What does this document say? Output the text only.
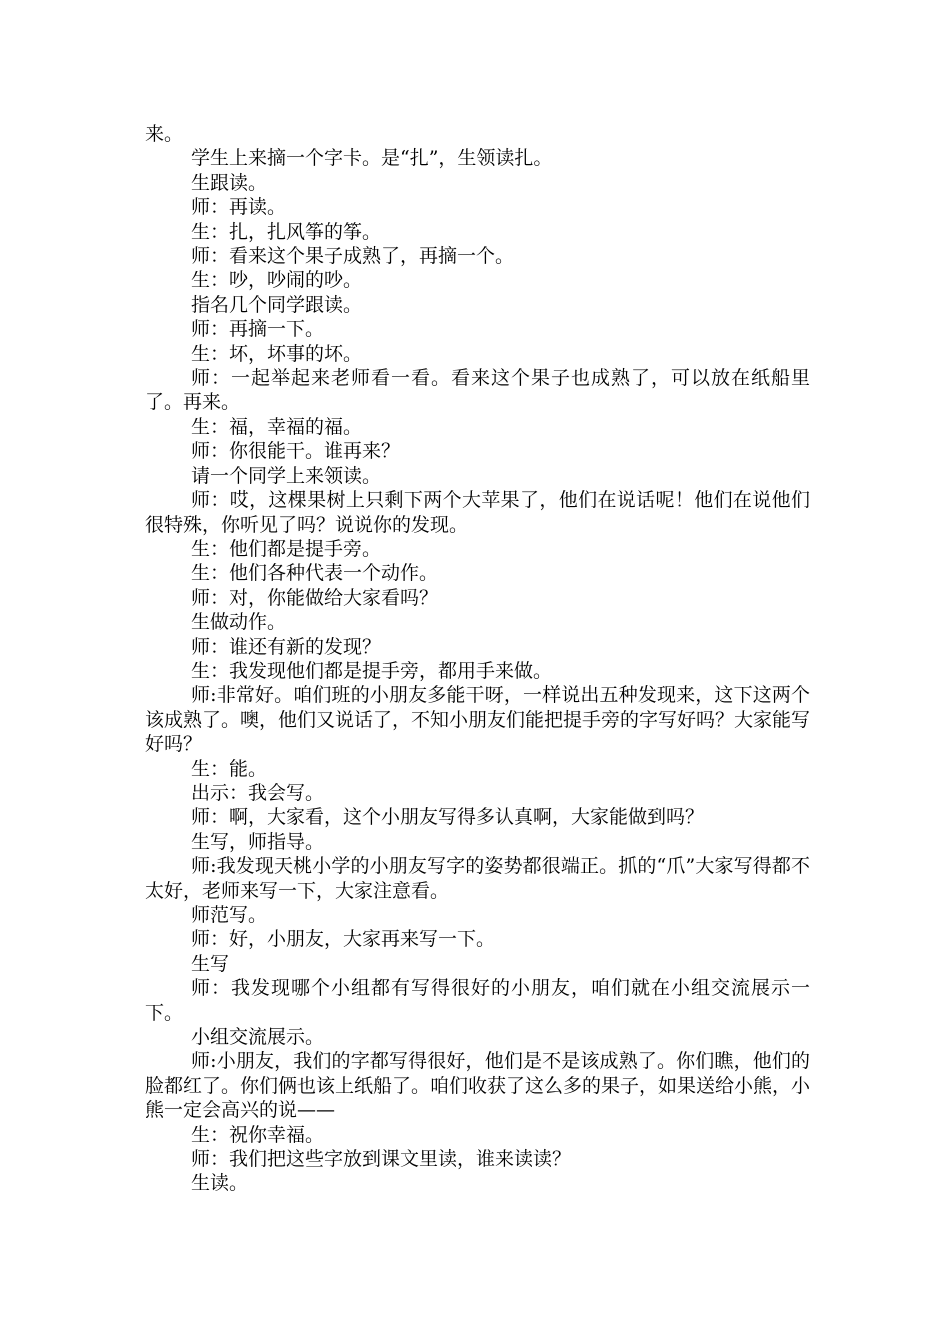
来。

学生上来摘一个字卡。是“扎”，生领读扎。

生跟读。

师：再读。

生：扎，扎风筝的筝。

师：看来这个果子成熟了，再摘一个。

生：吵，吵闹的吵。

指名几个同学跟读。

师：再摘一下。

生：坏，坏事的坏。

师：一起举起来老师看一看。看来这个果子也成熟了，可以放在纸船里了。再来。

生：福，幸福的福。

师：你很能干。谁再来？

请一个同学上来领读。

师：哎，这棵果树上只剩下两个大苹果了，他们在说话呢！他们在说他们很特殊，你听见了吗？说说你的发现。

生：他们都是提手旁。

生：他们各种代表一个动作。

师：对，你能做给大家看吗？

生做动作。

师：谁还有新的发现？

生：我发现他们都是提手旁，都用手来做。

师:非常好。咱们班的小朋友多能干呀，一样说出五种发现来，这下这两个该成熟了。噢，他们又说话了，不知小朋友们能把提手旁的字写好吗？大家能写好吗？

生：能。

出示：我会写。

师：啊，大家看，这个小朋友写得多认真啊，大家能做到吗？

生写，师指导。

师:我发现天桃小学的小朋友写字的姿势都很端正。抓的“爪”大家写得都不太好，老师来写一下，大家注意看。

师范写。

师：好，小朋友，大家再来写一下。

生写

师：我发现哪个小组都有写得很好的小朋友，咱们就在小组交流展示一下。

小组交流展示。

师:小朋友，我们的字都写得很好，他们是不是该成熟了。你们瞧，他们的脸都红了。你们俩也该上纸船了。咱们收获了这么多的果子，如果送给小熊，小熊一定会高兴的说——

生：祝你幸福。

师：我们把这些字放到课文里读，谁来读读？

生读。
